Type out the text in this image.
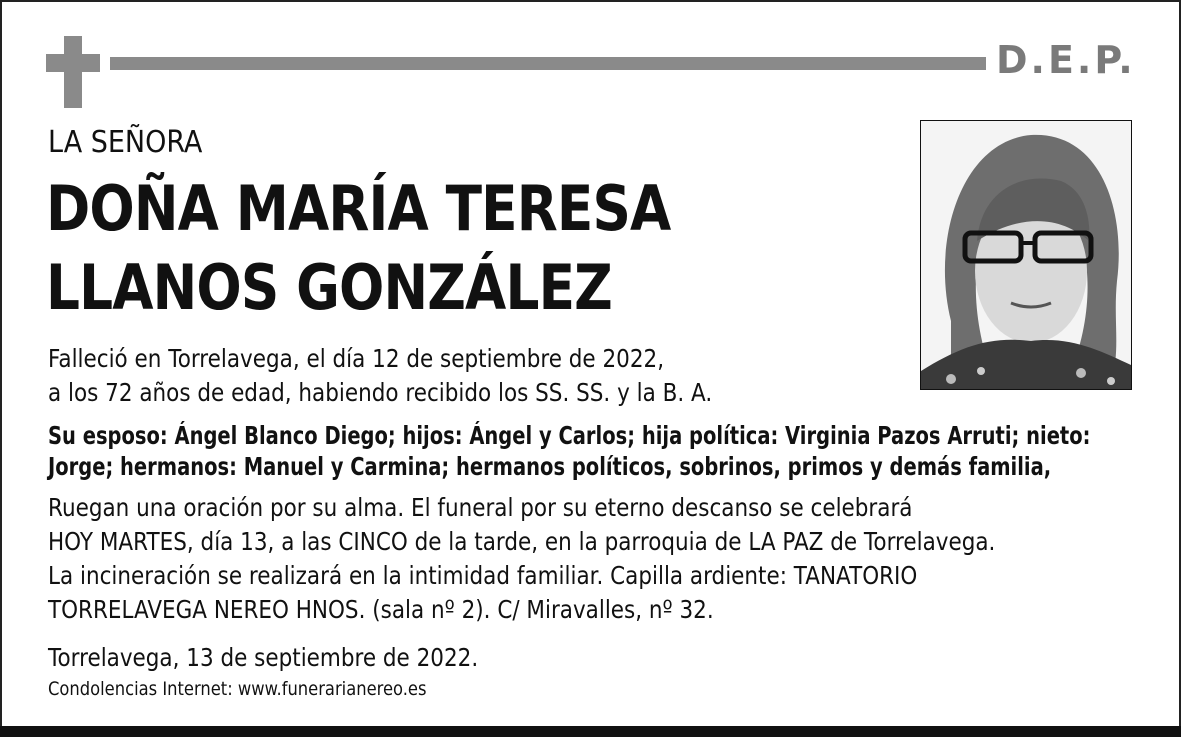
D.E.P.
LA SEÑORA
DOÑA MARÍA TERESA
LLANOS GONZÁLEZ
Falleció en Torrelavega, el día 12 de septiembre de 2022,
a los 72 años de edad, habiendo recibido los SS. SS. y la B. A.
Su esposo: Ángel Blanco Diego; hijos: Ángel y Carlos; hija política: Virginia Pazos Arruti; nieto:
Jorge; hermanos: Manuel y Carmina; hermanos políticos, sobrinos, primos y demás familia,
Ruegan una oración por su alma. El funeral por su eterno descanso se celebrará
HOY MARTES, día 13, a las CINCO de la tarde, en la parroquia de LA PAZ de Torrelavega.
La incineración se realizará en la intimidad familiar. Capilla ardiente: TANATORIO
TORRELAVEGA NEREO HNOS. (sala nº 2). C/ Miravalles, nº 32.
Torrelavega, 13 de septiembre de 2022.
Condolencias Internet: www.funerarianereo.es
